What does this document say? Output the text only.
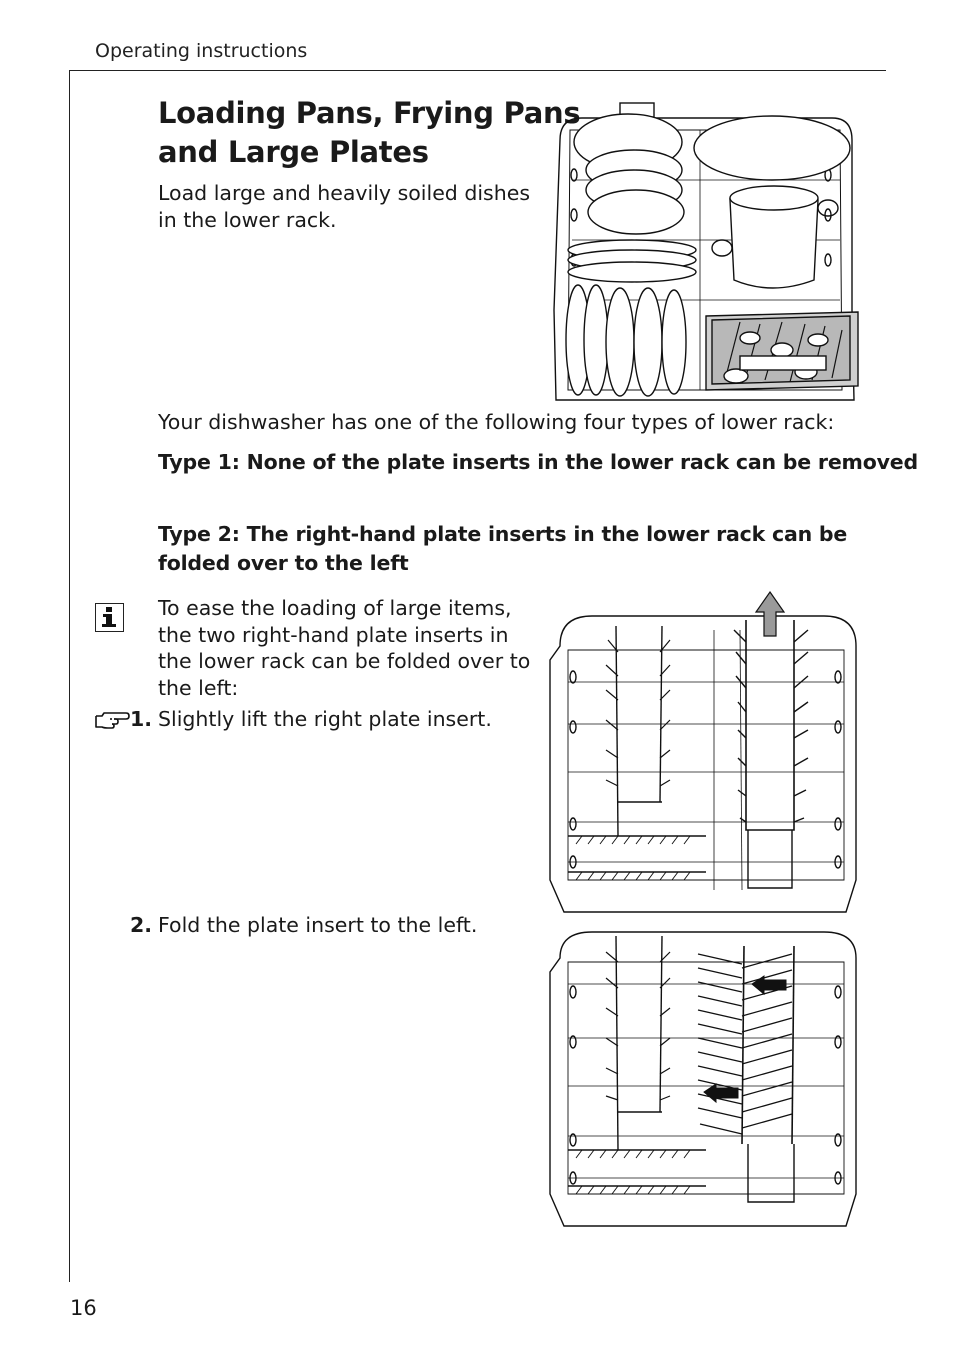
Operating instructions
Loading Pans, Frying Pans
and Large Plates
Load large and heavily soiled dishes
in the lower rack.
Your dishwasher has one of the following four types of lower rack:
Type 1: None of the plate inserts in the lower rack can be removed
Type 2: The right-hand plate inserts in the lower rack can be
folded over to the left
To ease the loading of large items,
the two right-hand plate inserts in
the lower rack can be folded over to
the left:
1. Slightly lift the right plate insert.
2. Fold the plate insert to the left.
16
